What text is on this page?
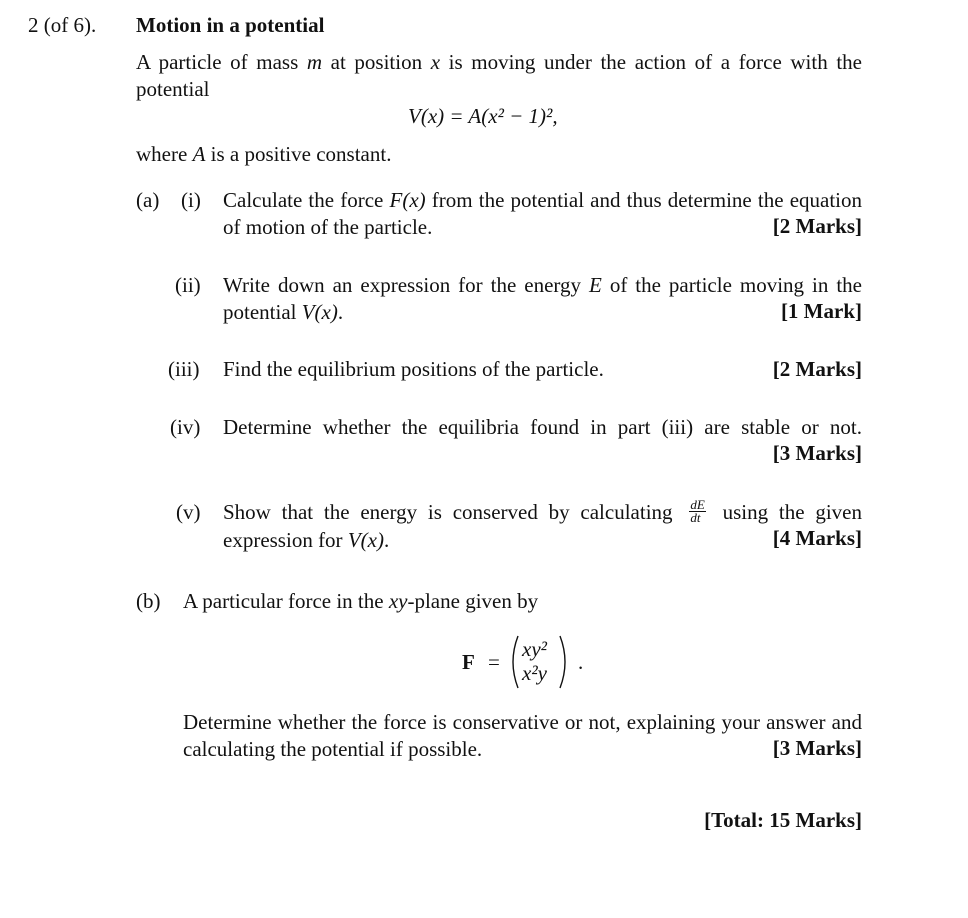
2 (of 6). Motion in a potential
A particle of mass m at position x is moving under the action of a force with the potential
V(x) = A(x² − 1)²,
where A is a positive constant.
(a) (i) Calculate the force F(x) from the potential and thus determine the equation of motion of the particle.	[2 Marks]
(ii) Write down an expression for the energy E of the particle moving in the potential V(x).	[1 Mark]
(iii) Find the equilibrium positions of the particle.	[2 Marks]
(iv) Determine whether the equilibria found in part (iii) are stable or not.
[3 Marks]
(v) Show that the energy is conserved by calculating $\frac{dE}{dt}$ using the given expression for V(x).	[4 Marks]
(b) A particular force in the xy-plane given by
F =
xy²
x²y .
Determine whether the force is conservative or not, explaining your answer and calculating the potential if possible.	[3 Marks]
[Total: 15 Marks]
